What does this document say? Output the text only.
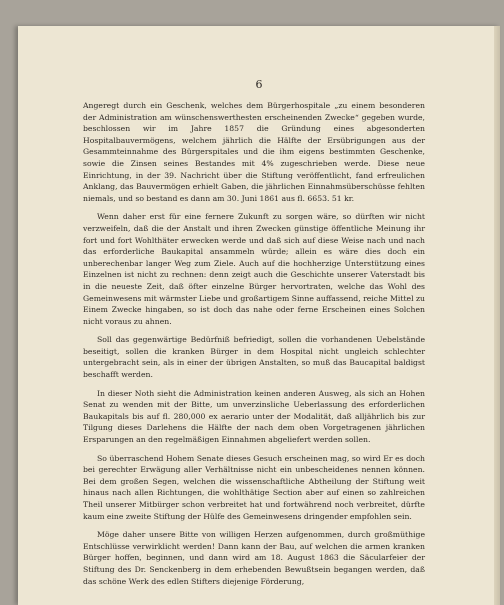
6

Angeregt durch ein Geschenk, welches dem Bürgerhospitale „zu einem besonderen der Administration am wünschenswerthesten erscheinenden Zwecke“ gegeben wurde, beschlossen wir im Jahre 1857 die Gründung eines abgesonderten Hospitalbauvermögens, welchem jährlich die Hälfte der Ersübrigungen aus der Gesammteinnahme des Bürgerspitales und die ihm eigens bestimmten Geschenke, sowie die Zinsen seines Bestandes mit 4% zugeschrieben werde. Diese neue Einrichtung, in der 39. Nachricht über die Stiftung veröffentlicht, fand erfreulichen Anklang, das Bauvermögen erhielt Gaben, die jährlichen Einnahmsüberschüsse fehlten niemals, und so bestand es dann am 30. Juni 1861 aus fl. 6653. 51 kr.

Wenn daher erst für eine fernere Zukunft zu sorgen wäre, so dürften wir nicht verzweifeln, daß die der Anstalt und ihren Zwecken günstige öffentliche Meinung ihr fort und fort Wohlthäter erwecken werde und daß sich auf diese Weise nach und nach das erforderliche Baukapital ansammeln würde; allein es wäre dies doch ein unberechenbar langer Weg zum Ziele. Auch auf die hochherzige Unterstützung eines Einzelnen ist nicht zu rechnen: denn zeigt auch die Geschichte unserer Vaterstadt bis in die neueste Zeit, daß öfter einzelne Bürger hervortraten, welche das Wohl des Gemeinwesens mit wärmster Liebe und großartigem Sinne auffassend, reiche Mittel zu Einem Zwecke hingaben, so ist doch das nahe oder ferne Erscheinen eines Solchen nicht voraus zu ahnen.

Soll das gegenwärtige Bedürfniß befriedigt, sollen die vorhandenen Uebelstände beseitigt, sollen die kranken Bürger in dem Hospital nicht ungleich schlechter untergebracht sein, als in einer der übrigen Anstalten, so muß das Baucapital baldigst beschafft werden.

In dieser Noth sieht die Administration keinen anderen Ausweg, als sich an Hohen Senat zu wenden mit der Bitte, um unverzinsliche Ueberlassung des erforderlichen Baukapitals bis auf fl. 280,000 ex aerario unter der Modalität, daß alljährlich bis zur Tilgung dieses Darlehens die Hälfte der nach dem oben Vorgetragenen jährlichen Ersparungen an den regelmäßigen Einnahmen abgeliefert werden sollen.

So überraschend Hohem Senate dieses Gesuch erscheinen mag, so wird Er es doch bei gerechter Erwägung aller Verhältnisse nicht ein unbescheidenes nennen können. Bei dem großen Segen, welchen die wissenschaftliche Abtheilung der Stiftung weit hinaus nach allen Richtungen, die wohlthätige Section aber auf einen so zahlreichen Theil unserer Mitbürger schon verbreitet hat und fortwährend noch verbreitet, dürfte kaum eine zweite Stiftung der Hülfe des Gemeinwesens dringender empfohlen sein.

Möge daher unsere Bitte von willigen Herzen aufgenommen, durch großmüthige Entschlüsse verwirklicht werden! Dann kann der Bau, auf welchen die armen kranken Bürger hoffen, beginnen, und dann wird am 18. August 1863 die Säcularfeier der Stiftung des Dr. Senckenberg in dem erhebenden Bewußtsein begangen werden, daß das schöne Werk des edlen Stifters diejenige Förderung,
